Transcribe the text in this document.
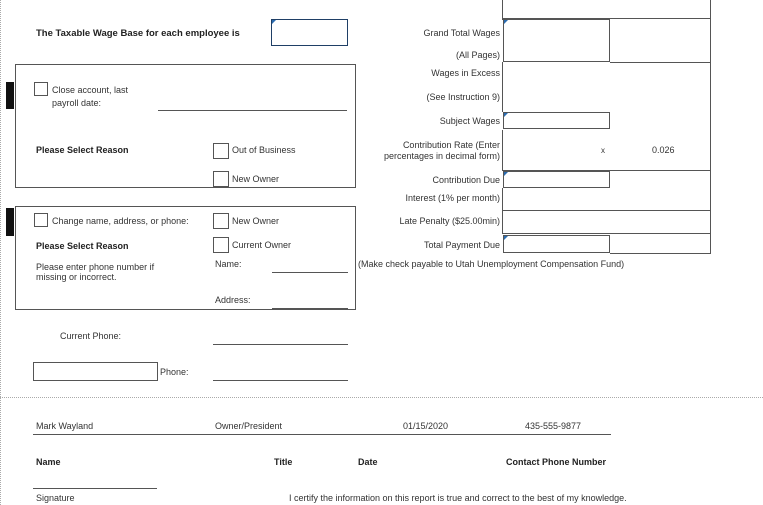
The Taxable Wage Base for each employee is	Grand Total Wages
(All Pages)
Wages in Excess
(See Instruction 9)
Subject Wages
Contribution Rate (Enter
percentages in decimal form)
x	0.026
Contribution Due
Interest (1% per month)
Late Penalty ($25.00min)
Total Payment Due
(Make check payable to Utah Unemployment Compensation Fund)
Close account, last
payroll date:
Please Select Reason	Out of Business
New Owner
Change name, address, or phone:	New Owner
Please Select Reason	Current Owner
Please enter phone number if
missing or incorrect.
Name:
Address:
Current Phone:
Phone:
Mark Wayland	Owner/President	01/15/2020	435-555-9877
Name	Title	Date	Contact Phone Number
Signature	I certify the information on this report is true and correct to the best of my knowledge.
